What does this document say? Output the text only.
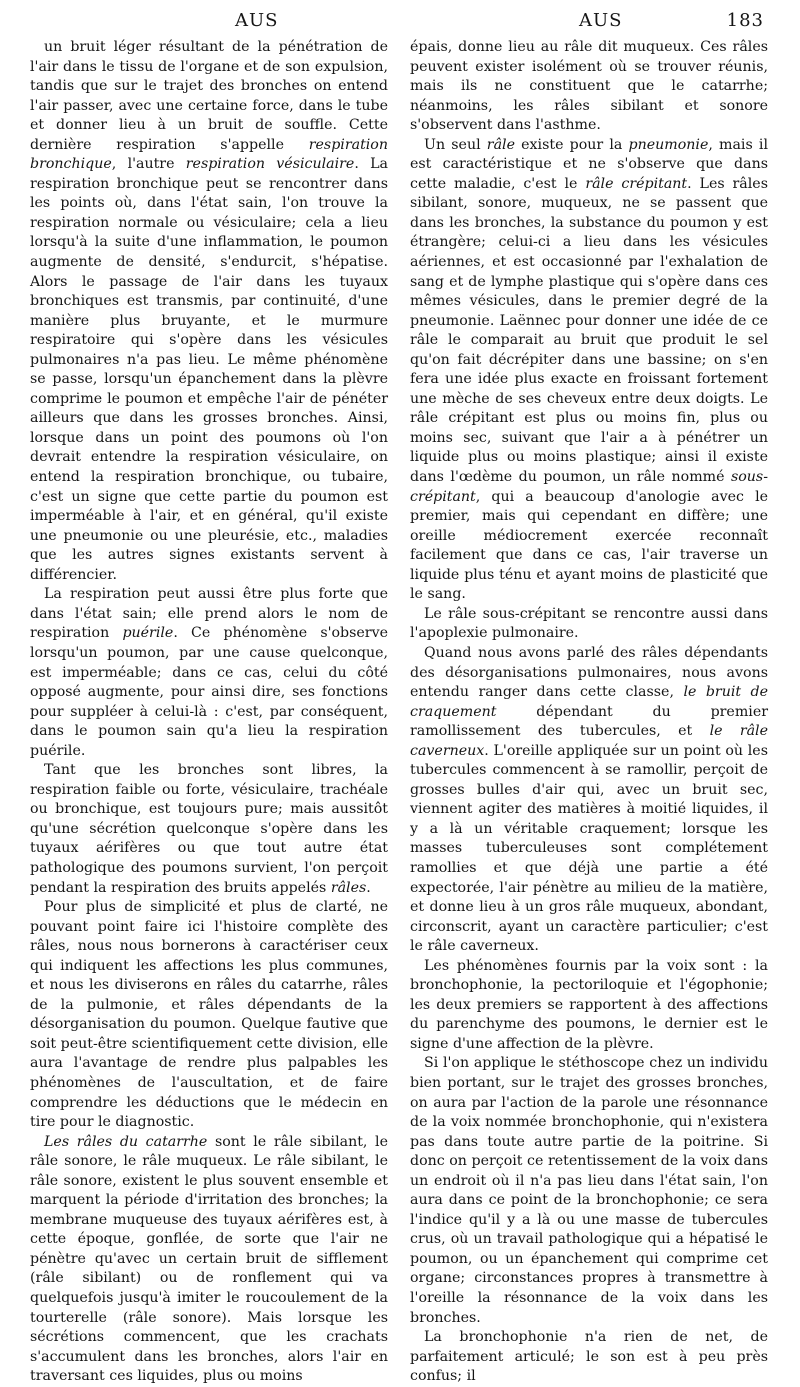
AUS	AUS	183

un bruit léger résultant de la pénétration de l'air dans le tissu de l'organe et de son expulsion, tandis que sur le trajet des bronches on entend l'air passer, avec une certaine force, dans le tube et donner lieu à un bruit de souffle. Cette dernière respiration s'appelle respiration bronchique, l'autre respiration vésiculaire. La respiration bronchique peut se rencontrer dans les points où, dans l'état sain, l'on trouve la respiration normale ou vésiculaire; cela a lieu lorsqu'à la suite d'une inflammation, le poumon augmente de densité, s'endurcit, s'hépatise. Alors le passage de l'air dans les tuyaux bronchiques est transmis, par continuité, d'une manière plus bruyante, et le murmure respiratoire qui s'opère dans les vésicules pulmonaires n'a pas lieu. Le même phénomène se passe, lorsqu'un épanchement dans la plèvre comprime le poumon et empêche l'air de pénéter ailleurs que dans les grosses bronches. Ainsi, lorsque dans un point des poumons où l'on devrait entendre la respiration vésiculaire, on entend la respiration bronchique, ou tubaire, c'est un signe que cette partie du poumon est imperméable à l'air, et en général, qu'il existe une pneumonie ou une pleurésie, etc., maladies que les autres signes existants servent à différencier.

La respiration peut aussi être plus forte que dans l'état sain; elle prend alors le nom de respiration puérile. Ce phénomène s'observe lorsqu'un poumon, par une cause quelconque, est imperméable; dans ce cas, celui du côté opposé augmente, pour ainsi dire, ses fonctions pour suppléer à celui-là : c'est, par conséquent, dans le poumon sain qu'a lieu la respiration puérile.

Tant que les bronches sont libres, la respiration faible ou forte, vésiculaire, trachéale ou bronchique, est toujours pure; mais aussitôt qu'une sécrétion quelconque s'opère dans les tuyaux aérifères ou que tout autre état pathologique des poumons survient, l'on perçoit pendant la respiration des bruits appelés râles.

Pour plus de simplicité et plus de clarté, ne pouvant point faire ici l'histoire complète des râles, nous nous bornerons à caractériser ceux qui indiquent les affections les plus communes, et nous les diviserons en râles du catarrhe, râles de la pulmonie, et râles dépendants de la désorganisation du poumon. Quelque fautive que soit peut-être scientifiquement cette division, elle aura l'avantage de rendre plus palpables les phénomènes de l'auscultation, et de faire comprendre les déductions que le médecin en tire pour le diagnostic.

Les râles du catarrhe sont le râle sibilant, le râle sonore, le râle muqueux. Le râle sibilant, le râle sonore, existent le plus souvent ensemble et marquent la période d'irritation des bronches; la membrane muqueuse des tuyaux aérifères est, à cette époque, gonflée, de sorte que l'air ne pénètre qu'avec un certain bruit de sifflement (râle sibilant) ou de ronflement qui va quelquefois jusqu'à imiter le roucoulement de la tourterelle (râle sonore). Mais lorsque les sécrétions commencent, que les crachats s'accumulent dans les bronches, alors l'air en traversant ces liquides, plus ou moins

épais, donne lieu au râle dit muqueux. Ces râles peuvent exister isolément où se trouver réunis, mais ils ne constituent que le catarrhe; néanmoins, les râles sibilant et sonore s'observent dans l'asthme.

Un seul râle existe pour la pneumonie, mais il est caractéristique et ne s'observe que dans cette maladie, c'est le râle crépitant. Les râles sibilant, sonore, muqueux, ne se passent que dans les bronches, la substance du poumon y est étrangère; celui-ci a lieu dans les vésicules aériennes, et est occasionné par l'exhalation de sang et de lymphe plastique qui s'opère dans ces mêmes vésicules, dans le premier degré de la pneumonie. Laënnec pour donner une idée de ce râle le comparait au bruit que produit le sel qu'on fait décrépiter dans une bassine; on s'en fera une idée plus exacte en froissant fortement une mèche de ses cheveux entre deux doigts. Le râle crépitant est plus ou moins fin, plus ou moins sec, suivant que l'air a à pénétrer un liquide plus ou moins plastique; ainsi il existe dans l'œdème du poumon, un râle nommé sous-crépitant, qui a beaucoup d'anologie avec le premier, mais qui cependant en diffère; une oreille médiocrement exercée reconnaît facilement que dans ce cas, l'air traverse un liquide plus ténu et ayant moins de plasticité que le sang.

Le râle sous-crépitant se rencontre aussi dans l'apoplexie pulmonaire.

Quand nous avons parlé des râles dépendants des désorganisations pulmonaires, nous avons entendu ranger dans cette classe, le bruit de craquement dépendant du premier ramollissement des tubercules, et le râle caverneux. L'oreille appliquée sur un point où les tubercules commencent à se ramollir, perçoit de grosses bulles d'air qui, avec un bruit sec, viennent agiter des matières à moitié liquides, il y a là un véritable craquement; lorsque les masses tuberculeuses sont complétement ramollies et que déjà une partie a été expectorée, l'air pénètre au milieu de la matière, et donne lieu à un gros râle muqueux, abondant, circonscrit, ayant un caractère particulier; c'est le râle caverneux.

Les phénomènes fournis par la voix sont : la bronchophonie, la pectoriloquie et l'égophonie; les deux premiers se rapportent à des affections du parenchyme des poumons, le dernier est le signe d'une affection de la plèvre.

Si l'on applique le stéthoscope chez un individu bien portant, sur le trajet des grosses bronches, on aura par l'action de la parole une résonnance de la voix nommée bronchophonie, qui n'existera pas dans toute autre partie de la poitrine. Si donc on perçoit ce retentissement de la voix dans un endroit où il n'a pas lieu dans l'état sain, l'on aura dans ce point de la bronchophonie; ce sera l'indice qu'il y a là ou une masse de tubercules crus, où un travail pathologique qui a hépatisé le poumon, ou un épanchement qui comprime cet organe; circonstances propres à transmettre à l'oreille la résonnance de la voix dans les bronches.

La bronchophonie n'a rien de net, de parfaitement articulé; le son est à peu près confus; il
